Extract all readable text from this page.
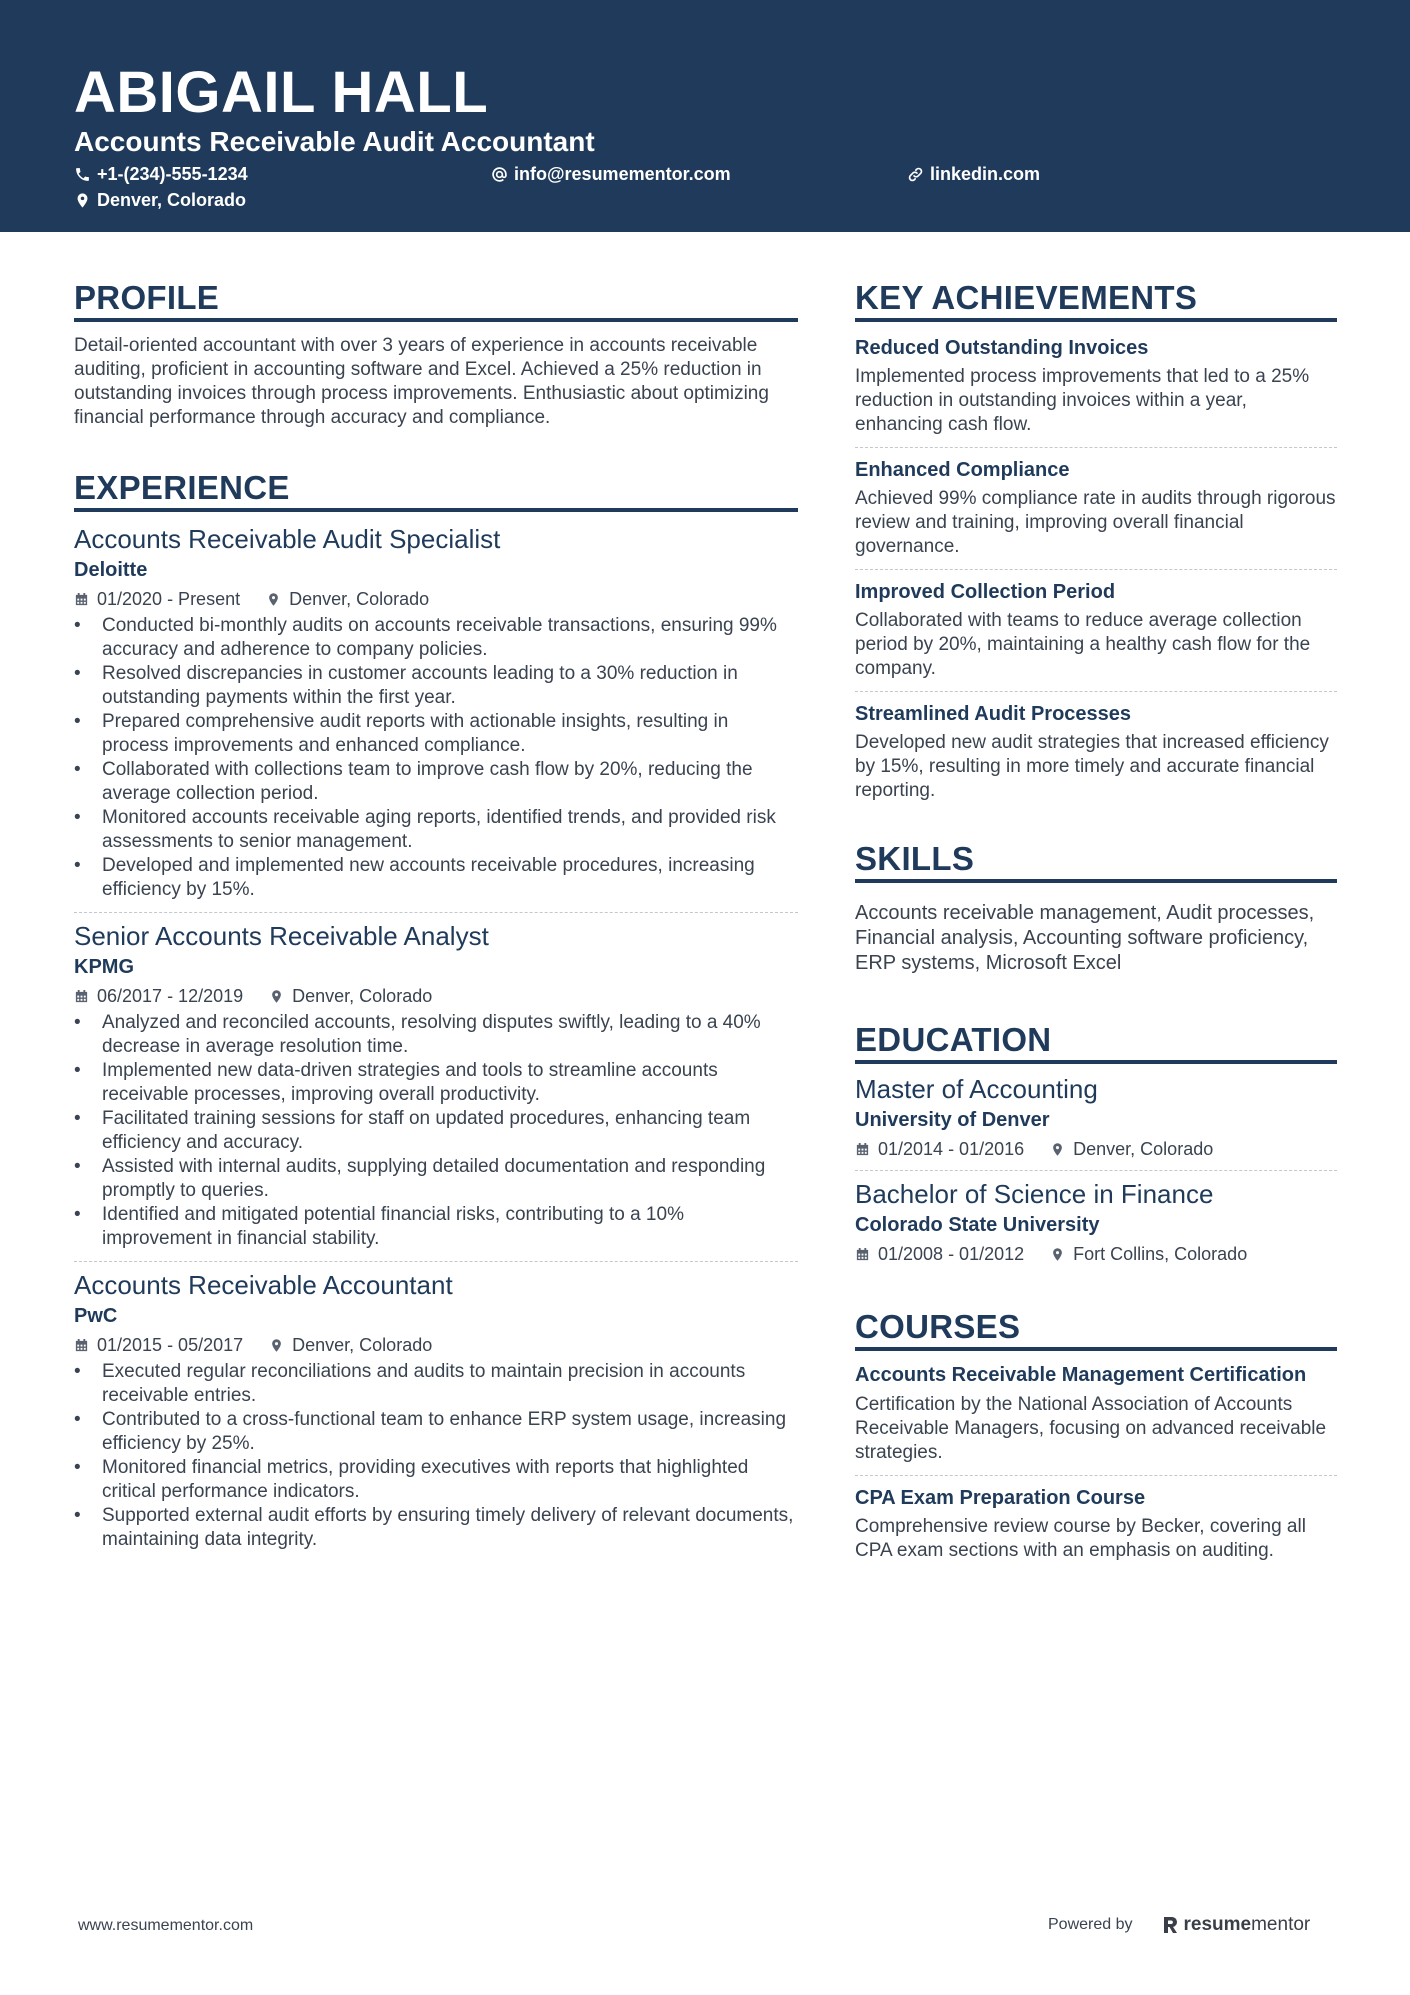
ABIGAIL HALL
Accounts Receivable Audit Accountant
+1-(234)-555-1234	info@resumementor.com	linkedin.com
Denver, Colorado
PROFILE
Detail-oriented accountant with over 3 years of experience in accounts receivable auditing, proficient in accounting software and Excel. Achieved a 25% reduction in outstanding invoices through process improvements. Enthusiastic about optimizing financial performance through accuracy and compliance.
EXPERIENCE
Accounts Receivable Audit Specialist
Deloitte
01/2020 - Present	Denver, Colorado
• Conducted bi-monthly audits on accounts receivable transactions, ensuring 99% accuracy and adherence to company policies.
• Resolved discrepancies in customer accounts leading to a 30% reduction in outstanding payments within the first year.
• Prepared comprehensive audit reports with actionable insights, resulting in process improvements and enhanced compliance.
• Collaborated with collections team to improve cash flow by 20%, reducing the average collection period.
• Monitored accounts receivable aging reports, identified trends, and provided risk assessments to senior management.
• Developed and implemented new accounts receivable procedures, increasing efficiency by 15%.
Senior Accounts Receivable Analyst
KPMG
06/2017 - 12/2019	Denver, Colorado
• Analyzed and reconciled accounts, resolving disputes swiftly, leading to a 40% decrease in average resolution time.
• Implemented new data-driven strategies and tools to streamline accounts receivable processes, improving overall productivity.
• Facilitated training sessions for staff on updated procedures, enhancing team efficiency and accuracy.
• Assisted with internal audits, supplying detailed documentation and responding promptly to queries.
• Identified and mitigated potential financial risks, contributing to a 10% improvement in financial stability.
Accounts Receivable Accountant
PwC
01/2015 - 05/2017	Denver, Colorado
• Executed regular reconciliations and audits to maintain precision in accounts receivable entries.
• Contributed to a cross-functional team to enhance ERP system usage, increasing efficiency by 25%.
• Monitored financial metrics, providing executives with reports that highlighted critical performance indicators.
• Supported external audit efforts by ensuring timely delivery of relevant documents, maintaining data integrity.
KEY ACHIEVEMENTS
Reduced Outstanding Invoices
Implemented process improvements that led to a 25% reduction in outstanding invoices within a year, enhancing cash flow.
Enhanced Compliance
Achieved 99% compliance rate in audits through rigorous review and training, improving overall financial governance.
Improved Collection Period
Collaborated with teams to reduce average collection period by 20%, maintaining a healthy cash flow for the company.
Streamlined Audit Processes
Developed new audit strategies that increased efficiency by 15%, resulting in more timely and accurate financial reporting.
SKILLS
Accounts receivable management, Audit processes, Financial analysis, Accounting software proficiency, ERP systems, Microsoft Excel
EDUCATION
Master of Accounting
University of Denver
01/2014 - 01/2016	Denver, Colorado
Bachelor of Science in Finance
Colorado State University
01/2008 - 01/2012	Fort Collins, Colorado
COURSES
Accounts Receivable Management Certification
Certification by the National Association of Accounts Receivable Managers, focusing on advanced receivable strategies.
CPA Exam Preparation Course
Comprehensive review course by Becker, covering all CPA exam sections with an emphasis on auditing.
www.resumementor.com	Powered by	resumementor
